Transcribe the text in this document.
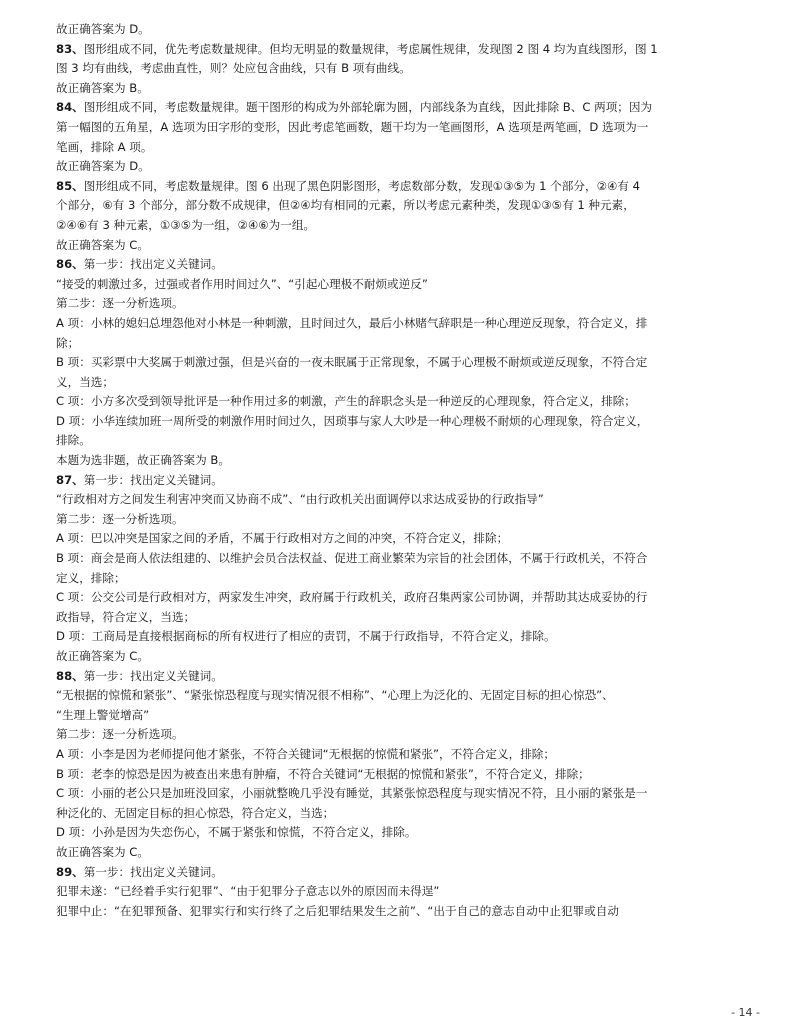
故正确答案为 D。
83、图形组成不同，优先考虑数量规律。但均无明显的数量规律，考虑属性规律，发现图 2 图 4 均为直线图形，图 1
图 3 均有曲线，考虑曲直性，则？处应包含曲线，只有 B 项有曲线。
故正确答案为 B。
84、图形组成不同，考虑数量规律。题干图形的构成为外部轮廓为圆，内部线条为直线，因此排除 B、C 两项；因为
第一幅图的五角星，A 选项为田字形的变形，因此考虑笔画数，题干均为一笔画图形，A 选项是两笔画，D 选项为一
笔画，排除 A 项。
故正确答案为 D。
85、图形组成不同，考虑数量规律。图 6 出现了黑色阴影图形，考虑数部分数，发现①③⑤为 1 个部分，②④有 4
个部分，⑥有 3 个部分，部分数不成规律，但②④均有相同的元素，所以考虑元素种类，发现①③⑤有 1 种元素，
②④⑥有 3 种元素，①③⑤为一组，②④⑥为一组。
故正确答案为 C。
86、第一步：找出定义关键词。
“接受的刺激过多，过强或者作用时间过久”、“引起心理极不耐烦或逆反”
第二步：逐一分析选项。
A 项：小林的媳妇总埋怨他对小林是一种刺激，且时间过久，最后小林赌气辞职是一种心理逆反现象，符合定义，排
除；
B 项：买彩票中大奖属于刺激过强，但是兴奋的一夜未眠属于正常现象，不属于心理极不耐烦或逆反现象，不符合定
义，当选；
C 项：小方多次受到领导批评是一种作用过多的刺激，产生的辞职念头是一种逆反的心理现象，符合定义，排除；
D 项：小华连续加班一周所受的刺激作用时间过久，因琐事与家人大吵是一种心理极不耐烦的心理现象，符合定义，
排除。
本题为选非题，故正确答案为 B。
87、第一步：找出定义关键词。
“行政相对方之间发生利害冲突而又协商不成”、“由行政机关出面调停以求达成妥协的行政指导”
第二步：逐一分析选项。
A 项：巴以冲突是国家之间的矛盾，不属于行政相对方之间的冲突，不符合定义，排除；
B 项：商会是商人依法组建的、以维护会员合法权益、促进工商业繁荣为宗旨的社会团体，不属于行政机关，不符合
定义，排除；
C 项：公交公司是行政相对方，两家发生冲突，政府属于行政机关，政府召集两家公司协调，并帮助其达成妥协的行
政指导，符合定义，当选；
D 项：工商局是直接根据商标的所有权进行了相应的责罚，不属于行政指导，不符合定义，排除。
故正确答案为 C。
88、第一步：找出定义关键词。
“无根据的惊慌和紧张”、“紧张惊恐程度与现实情况很不相称”、“心理上为泛化的、无固定目标的担心惊恐”、
“生理上警觉增高”
第二步：逐一分析选项。
A 项：小李是因为老师提问他才紧张，不符合关键词“无根据的惊慌和紧张”，不符合定义，排除；
B 项：老李的惊恐是因为被查出来患有肿瘤，不符合关键词“无根据的惊慌和紧张”，不符合定义，排除；
C 项：小丽的老公只是加班没回家，小丽就整晚几乎没有睡觉，其紧张惊恐程度与现实情况不符，且小丽的紧张是一
种泛化的、无固定目标的担心惊恐，符合定义，当选；
D 项：小孙是因为失恋伤心，不属于紧张和惊慌，不符合定义，排除。
故正确答案为 C。
89、第一步：找出定义关键词。
犯罪未遂：“已经着手实行犯罪”、“由于犯罪分子意志以外的原因而未得逞”
犯罪中止：“在犯罪预备、犯罪实行和实行终了之后犯罪结果发生之前”、“出于自己的意志自动中止犯罪或自动
- 14 -
